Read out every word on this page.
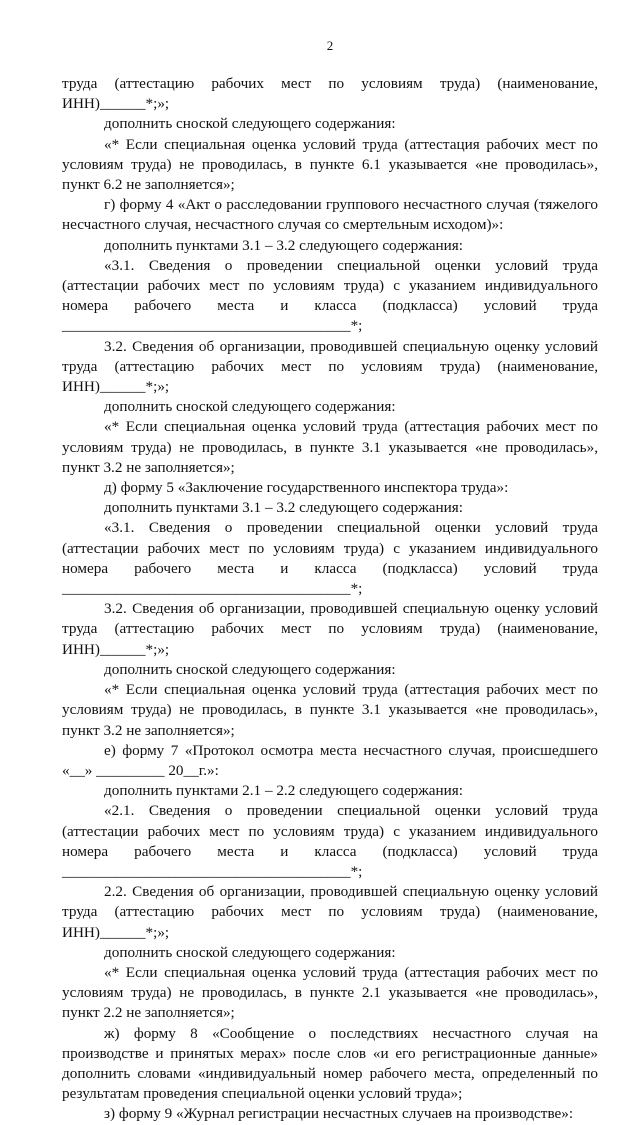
2

труда (аттестацию рабочих мест по условиям труда) (наименование, ИНН)______*;»;

дополнить сноской следующего содержания:

«* Если специальная оценка условий труда (аттестация рабочих мест по условиям труда) не проводилась, в пункте 6.1 указывается «не проводилась», пункт 6.2 не заполняется»;

г) форму 4 «Акт о расследовании группового несчастного случая (тяжелого несчастного случая, несчастного случая со смертельным исходом)»:

дополнить пунктами 3.1 – 3.2 следующего содержания:

«3.1. Сведения о проведении специальной оценки условий труда (аттестации рабочих мест по условиям труда) с указанием индивидуального номера рабочего места и класса (подкласса) условий труда ______________________________________*;

3.2. Сведения об организации, проводившей специальную оценку условий труда (аттестацию рабочих мест по условиям труда) (наименование, ИНН)______*;»;

дополнить сноской следующего содержания:

«* Если специальная оценка условий труда (аттестация рабочих мест по условиям труда) не проводилась, в пункте 3.1 указывается «не проводилась», пункт 3.2 не заполняется»;

д) форму 5 «Заключение государственного инспектора труда»:

дополнить пунктами 3.1 – 3.2 следующего содержания:

«3.1. Сведения о проведении специальной оценки условий труда (аттестации рабочих мест по условиям труда) с указанием индивидуального номера рабочего места и класса (подкласса) условий труда ______________________________________*;

3.2. Сведения об организации, проводившей специальную оценку условий труда (аттестацию рабочих мест по условиям труда) (наименование, ИНН)______*;»;

дополнить сноской следующего содержания:

«* Если специальная оценка условий труда (аттестация рабочих мест по условиям труда) не проводилась, в пункте 3.1 указывается «не проводилась», пункт 3.2 не заполняется»;

е) форму 7 «Протокол осмотра места несчастного случая, происшедшего «__» _________ 20__г.»:

дополнить пунктами 2.1 – 2.2 следующего содержания:

«2.1. Сведения о проведении специальной оценки условий труда (аттестации рабочих мест по условиям труда) с указанием индивидуального номера рабочего места и класса (подкласса) условий труда ______________________________________*;

2.2. Сведения об организации, проводившей специальную оценку условий труда (аттестацию рабочих мест по условиям труда) (наименование, ИНН)______*;»;

дополнить сноской следующего содержания:

«* Если специальная оценка условий труда (аттестация рабочих мест по условиям труда) не проводилась, в пункте 2.1 указывается «не проводилась», пункт 2.2 не заполняется»;

ж) форму 8 «Сообщение о последствиях несчастного случая на производстве и принятых мерах» после слов «и его регистрационные данные» дополнить словами «индивидуальный номер рабочего места, определенный по результатам проведения специальной оценки условий труда»;

з) форму 9 «Журнал регистрации несчастных случаев на производстве»:
